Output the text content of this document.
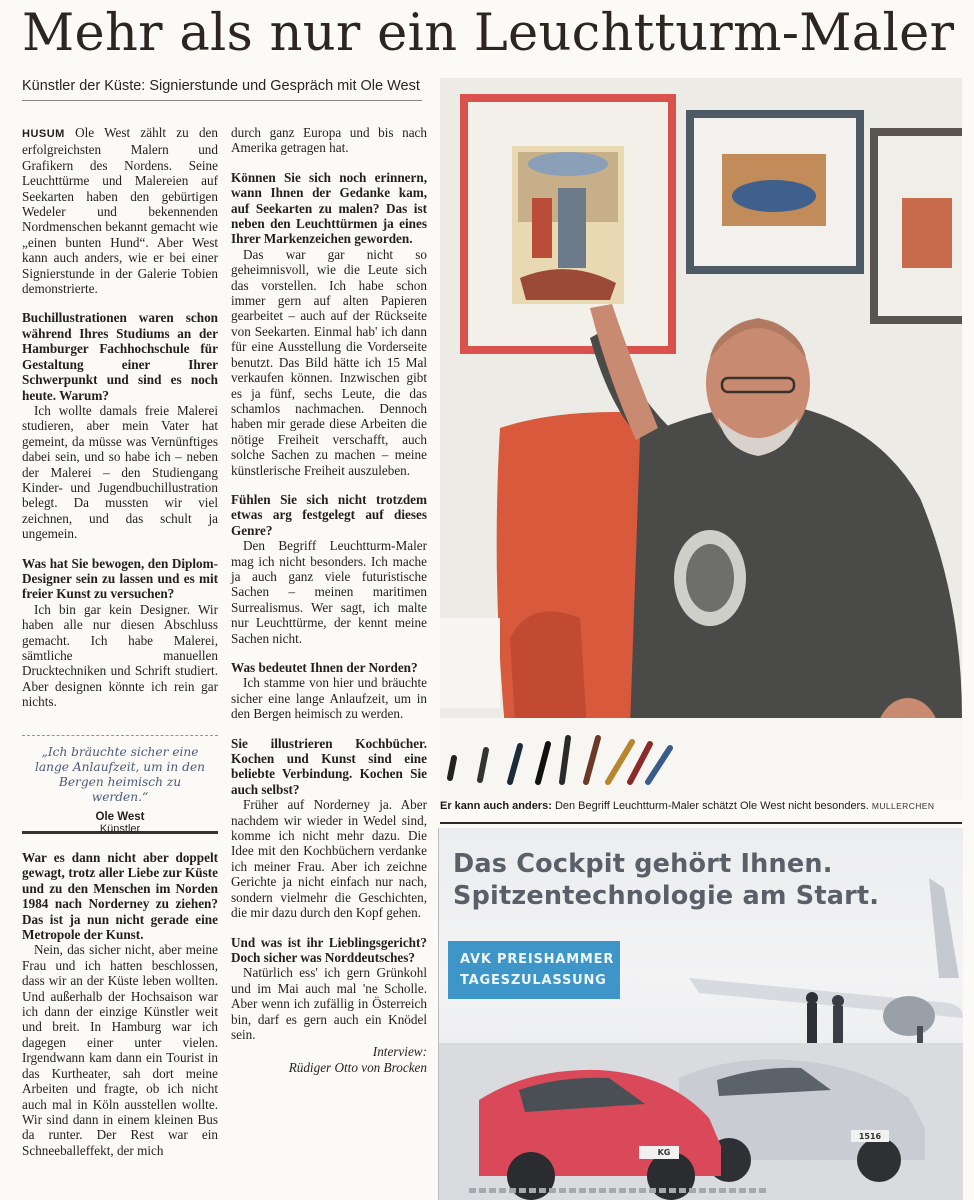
Mehr als nur ein Leuchtturm-Maler
Künstler der Küste: Signierstunde und Gespräch mit Ole West

HUSUM Ole West zählt zu den erfolgreichsten Malern und Grafikern des Nordens. Seine Leuchttürme und Malereien auf Seekarten haben den gebürtigen Wedeler und bekennenden Nordmenschen bekannt gemacht wie „einen bunten Hund“. Aber West kann auch anders, wie er bei einer Signierstunde in der Galerie Tobien demonstrierte.

Buchillustrationen waren schon während Ihres Studiums an der Hamburger Fachhochschule für Gestaltung einer Ihrer Schwerpunkt und sind es noch heute. Warum?

Ich wollte damals freie Malerei studieren, aber mein Vater hat gemeint, da müsse was Vernünftiges dabei sein, und so habe ich – neben der Malerei – den Studiengang Kinder- und Jugendbuchillustration belegt. Da mussten wir viel zeichnen, und das schult ja ungemein.

Was hat Sie bewogen, den Diplom-Designer sein zu lassen und es mit freier Kunst zu versuchen?

Ich bin gar kein Designer. Wir haben alle nur diesen Abschluss gemacht. Ich habe Malerei, sämtliche manuellen Drucktechniken und Schrift studiert. Aber designen könnte ich rein gar nichts.

„Ich bräuchte sicher eine lange Anlaufzeit, um in den Bergen heimisch zu werden.“
Ole West
Künstler

War es dann nicht aber doppelt gewagt, trotz aller Liebe zur Küste und zu den Menschen im Norden 1984 nach Norderney zu ziehen? Das ist ja nun nicht gerade eine Metropole der Kunst.

Nein, das sicher nicht, aber meine Frau und ich hatten beschlossen, dass wir an der Küste leben wollten. Und außerhalb der Hochsaison war ich dann der einzige Künstler weit und breit. In Hamburg war ich dagegen einer unter vielen. Irgendwann kam dann ein Tourist in das Kurtheater, sah dort meine Arbeiten und fragte, ob ich nicht auch mal in Köln ausstellen wollte. Wir sind dann in einem kleinen Bus da runter. Der Rest war ein Schneeballeffekt, der mich

durch ganz Europa und bis nach Amerika getragen hat.

Können Sie sich noch erinnern, wann Ihnen der Gedanke kam, auf Seekarten zu malen? Das ist neben den Leuchttürmen ja eines Ihrer Markenzeichen geworden.

Das war gar nicht so geheimnisvoll, wie die Leute sich das vorstellen. Ich habe schon immer gern auf alten Papieren gearbeitet – auch auf der Rückseite von Seekarten. Einmal hab' ich dann für eine Ausstellung die Vorderseite benutzt. Das Bild hätte ich 15 Mal verkaufen können. Inzwischen gibt es ja fünf, sechs Leute, die das schamlos nachmachen. Dennoch haben mir gerade diese Arbeiten die nötige Freiheit verschafft, auch solche Sachen zu machen – meine künstlerische Freiheit auszuleben.

Fühlen Sie sich nicht trotzdem etwas arg festgelegt auf dieses Genre?

Den Begriff Leuchtturm-Maler mag ich nicht besonders. Ich mache ja auch ganz viele futuristische Sachen – meinen maritimen Surrealismus. Wer sagt, ich malte nur Leuchttürme, der kennt meine Sachen nicht.

Was bedeutet Ihnen der Norden?

Ich stamme von hier und bräuchte sicher eine lange Anlaufzeit, um in den Bergen heimisch zu werden.

Sie illustrieren Kochbücher. Kochen und Kunst sind eine beliebte Verbindung. Kochen Sie auch selbst?

Früher auf Norderney ja. Aber nachdem wir wieder in Wedel sind, komme ich nicht mehr dazu. Die Idee mit den Kochbüchern verdanke ich meiner Frau. Aber ich zeichne Gerichte ja nicht einfach nur nach, sondern vielmehr die Geschichten, die mir dazu durch den Kopf gehen.

Und was ist ihr Lieblingsgericht? Doch sicher was Norddeutsches?

Natürlich ess' ich gern Grünkohl und im Mai auch mal 'ne Scholle. Aber wenn ich zufällig in Österreich bin, darf es gern auch ein Knödel sein.

Interview:

Rüdiger Otto von Brocken

Er kann auch anders: Den Begriff Leuchtturm-Maler schätzt Ole West nicht besonders. MULLERCHEN
Das Cockpit gehört Ihnen.
Spitzentechnologie am Start.
AVK PREISHAMMER
TAGESZULASSUNG
KG
1516
